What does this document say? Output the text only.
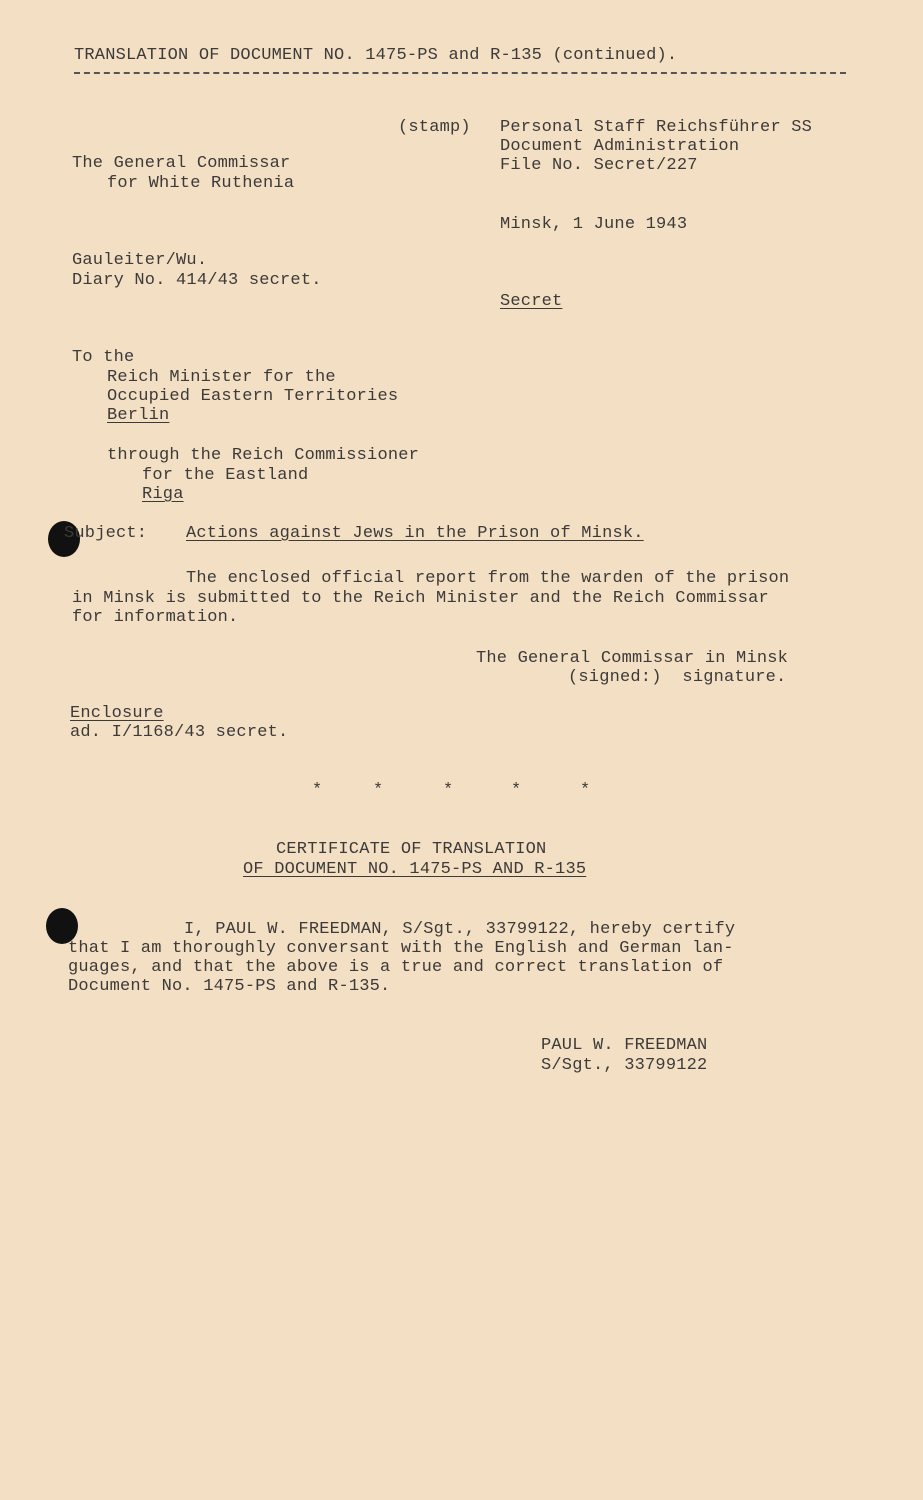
TRANSLATION OF DOCUMENT NO. 1475-PS and R-135 (continued).
(stamp) Personal Staff Reichsführer SS
Document Administration
File No. Secret/227
The General Commissar
for White Ruthenia
Minsk, 1 June 1943
Gauleiter/Wu.
Diary No. 414/43 secret.
Secret
To the
Reich Minister for the
Occupied Eastern Territories
Berlin
through the Reich Commissioner
for the Eastland
Riga
Subject: Actions against Jews in the Prison of Minsk.
The enclosed official report from the warden of the prison
in Minsk is submitted to the Reich Minister and the Reich Commissar
for information.
The General Commissar in Minsk
(signed:)  signature.
Enclosure
ad. I/1168/43 secret.
*	*	*	*	*
CERTIFICATE OF TRANSLATION
OF DOCUMENT NO. 1475-PS AND R-135
I, PAUL W. FREEDMAN, S/Sgt., 33799122, hereby certify
that I am thoroughly conversant with the English and German lan-
guages, and that the above is a true and correct translation of
Document No. 1475-PS and R-135.
PAUL W. FREEDMAN
S/Sgt., 33799122
